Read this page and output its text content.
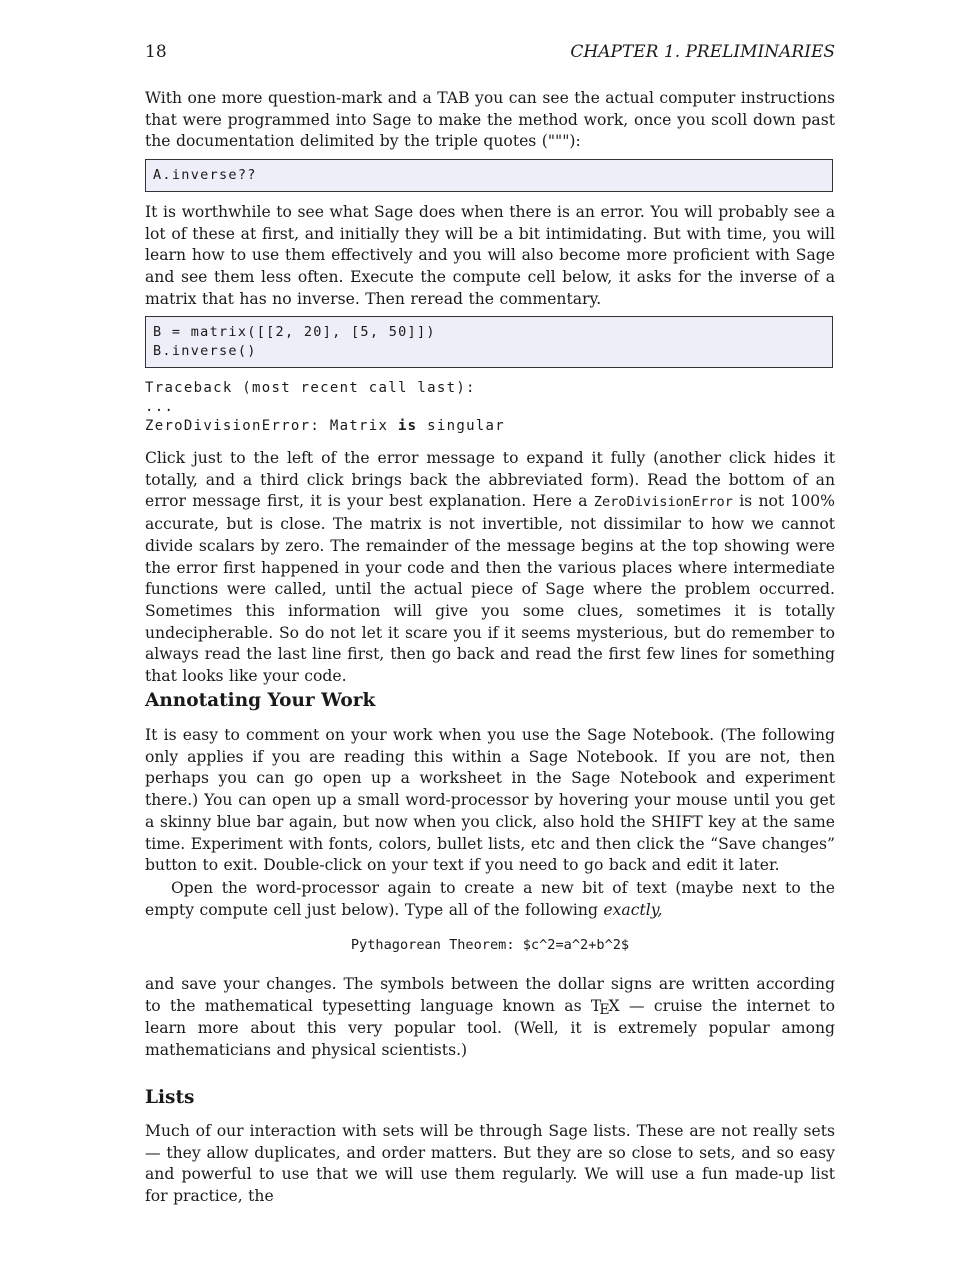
18	CHAPTER 1. PRELIMINARIES

With one more question-mark and a TAB you can see the actual computer instructions that were programmed into Sage to make the method work, once you scoll down past the documentation delimited by the triple quotes ("""):

A.inverse??

It is worthwhile to see what Sage does when there is an error. You will probably see a lot of these at first, and initially they will be a bit intimidating. But with time, you will learn how to use them effectively and you will also become more proficient with Sage and see them less often. Execute the compute cell below, it asks for the inverse of a matrix that has no inverse. Then reread the commentary.

B = matrix([[2, 20], [5, 50]])
B.inverse()
Traceback (most recent call last):
...
ZeroDivisionError: Matrix is singular

Click just to the left of the error message to expand it fully (another click hides it totally, and a third click brings back the abbreviated form). Read the bottom of an error message first, it is your best explanation. Here a ZeroDivisionError is not 100% accurate, but is close. The matrix is not invertible, not dissimilar to how we cannot divide scalars by zero. The remainder of the message begins at the top showing were the error first happened in your code and then the various places where intermediate functions were called, until the actual piece of Sage where the problem occurred. Sometimes this information will give you some clues, sometimes it is totally undecipherable. So do not let it scare you if it seems mysterious, but do remember to always read the last line first, then go back and read the first few lines for something that looks like your code.

Annotating Your Work

It is easy to comment on your work when you use the Sage Notebook. (The following only applies if you are reading this within a Sage Notebook. If you are not, then perhaps you can go open up a worksheet in the Sage Notebook and experiment there.) You can open up a small word-processor by hovering your mouse until you get a skinny blue bar again, but now when you click, also hold the SHIFT key at the same time. Experiment with fonts, colors, bullet lists, etc and then click the “Save changes” button to exit. Double-click on your text if you need to go back and edit it later.

Open the word-processor again to create a new bit of text (maybe next to the empty compute cell just below). Type all of the following exactly,

Pythagorean Theorem: $c^2=a^2+b^2$

and save your changes. The symbols between the dollar signs are written according to the mathematical typesetting language known as TEX — cruise the internet to learn more about this very popular tool. (Well, it is extremely popular among mathematicians and physical scientists.)

Lists

Much of our interaction with sets will be through Sage lists. These are not really sets — they allow duplicates, and order matters. But they are so close to sets, and so easy and powerful to use that we will use them regularly. We will use a fun made-up list for practice, the
